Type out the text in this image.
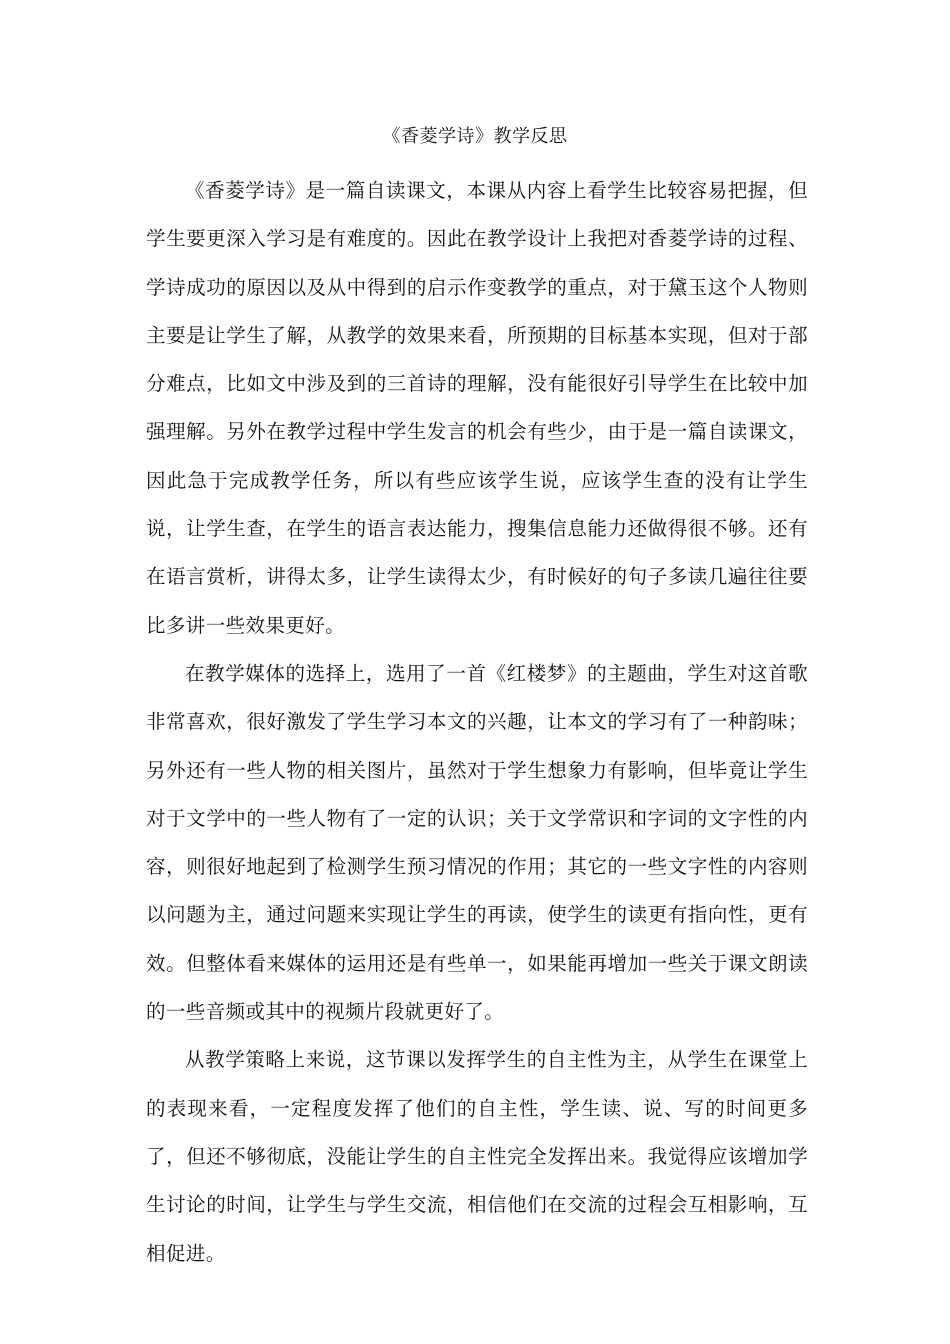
《香菱学诗》教学反思

《香菱学诗》是一篇自读课文，本课从内容上看学生比较容易把握，但学生要更深入学习是有难度的。因此在教学设计上我把对香菱学诗的过程、学诗成功的原因以及从中得到的启示作变教学的重点，对于黛玉这个人物则主要是让学生了解，从教学的效果来看，所预期的目标基本实现，但对于部分难点，比如文中涉及到的三首诗的理解，没有能很好引导学生在比较中加强理解。另外在教学过程中学生发言的机会有些少，由于是一篇自读课文，因此急于完成教学任务，所以有些应该学生说，应该学生查的没有让学生说，让学生查，在学生的语言表达能力，搜集信息能力还做得很不够。还有在语言赏析，讲得太多，让学生读得太少，有时候好的句子多读几遍往往要比多讲一些效果更好。

在教学媒体的选择上，选用了一首《红楼梦》的主题曲，学生对这首歌非常喜欢，很好激发了学生学习本文的兴趣，让本文的学习有了一种韵味；另外还有一些人物的相关图片，虽然对于学生想象力有影响，但毕竟让学生对于文学中的一些人物有了一定的认识；关于文学常识和字词的文字性的内容，则很好地起到了检测学生预习情况的作用；其它的一些文字性的内容则以问题为主，通过问题来实现让学生的再读，使学生的读更有指向性，更有效。但整体看来媒体的运用还是有些单一，如果能再增加一些关于课文朗读的一些音频或其中的视频片段就更好了。

从教学策略上来说，这节课以发挥学生的自主性为主，从学生在课堂上的表现来看，一定程度发挥了他们的自主性，学生读、说、写的时间更多了，但还不够彻底，没能让学生的自主性完全发挥出来。我觉得应该增加学生讨论的时间，让学生与学生交流，相信他们在交流的过程会互相影响，互相促进。
